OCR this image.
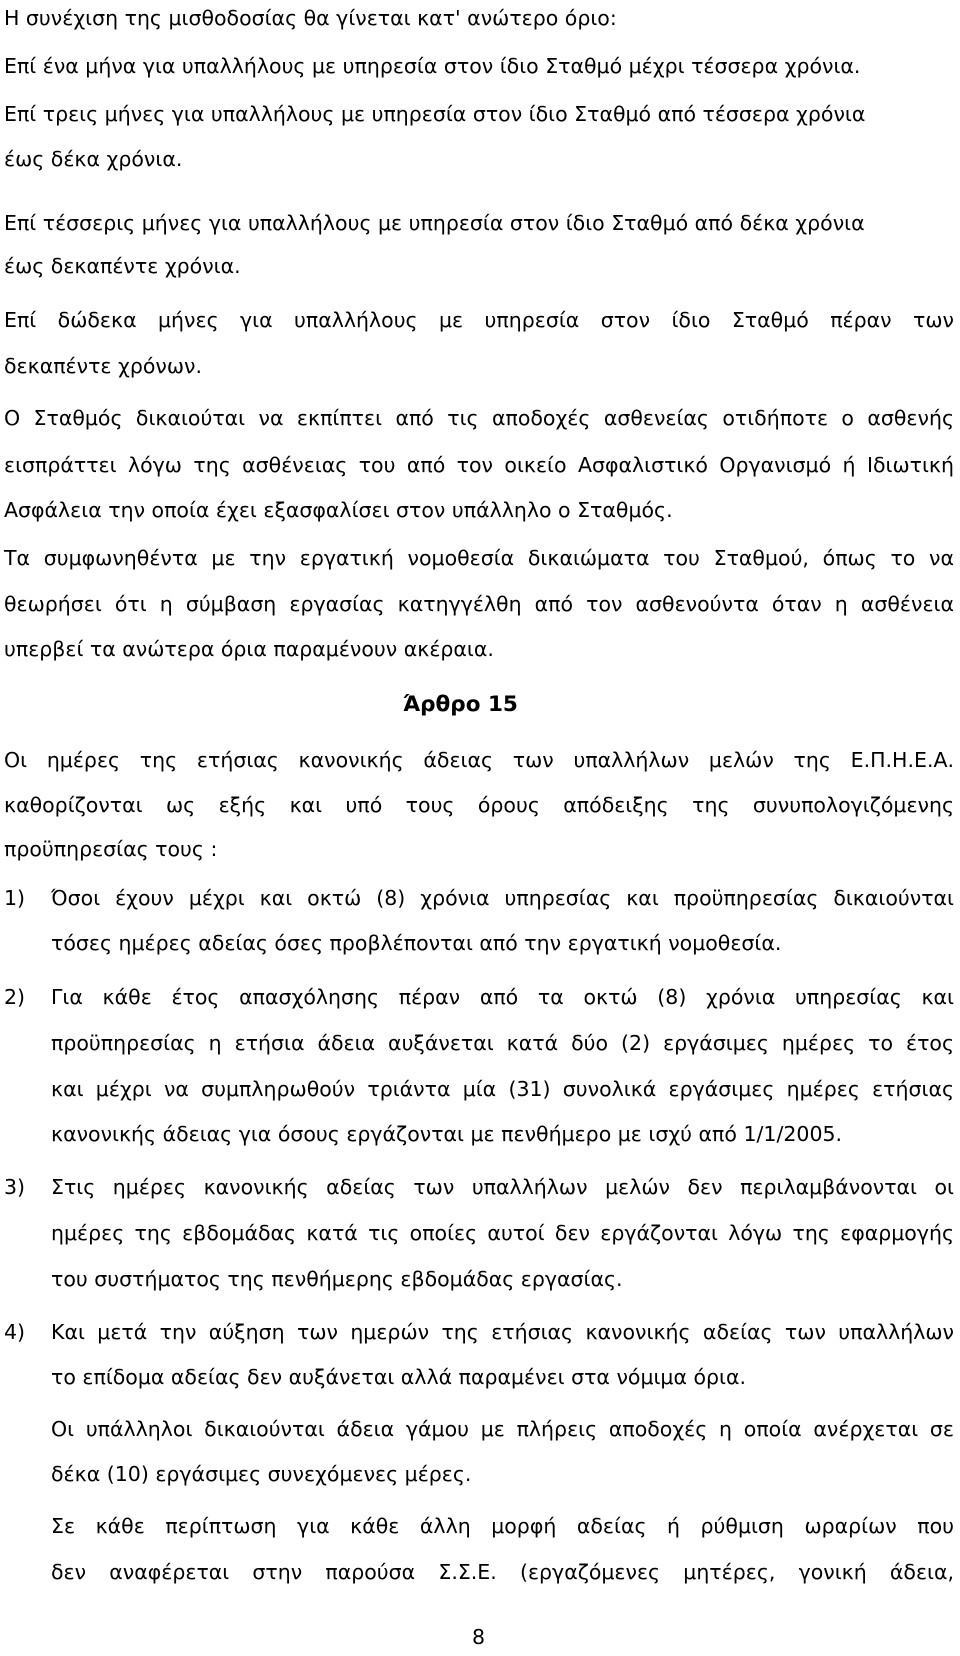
Η συνέχιση της μισθοδοσίας θα γίνεται κατ' ανώτερο όριο:
Επί ένα μήνα για υπαλλήλους με υπηρεσία στον ίδιο Σταθμό μέχρι τέσσερα χρόνια.
Επί τρεις μήνες για υπαλλήλους με υπηρεσία στον ίδιο Σταθμό από τέσσερα χρόνια
έως δέκα χρόνια.
Επί τέσσερις μήνες για υπαλλήλους με υπηρεσία στον ίδιο Σταθμό από δέκα χρόνια
έως δεκαπέντε χρόνια.
Επί δώδεκα μήνες για υπαλλήλους με υπηρεσία στον ίδιο Σταθμό πέραν των
δεκαπέντε χρόνων.
Ο Σταθμός δικαιούται να εκπίπτει από τις αποδοχές ασθενείας οτιδήποτε ο ασθενής
εισπράττει λόγω της ασθένειας του από τον οικείο Ασφαλιστικό Οργανισμό ή Ιδιωτική
Ασφάλεια την οποία έχει εξασφαλίσει στον υπάλληλο ο Σταθμός.
Τα συμφωνηθέντα με την εργατική νομοθεσία δικαιώματα του Σταθμού, όπως το να
θεωρήσει ότι η σύμβαση εργασίας κατηγγέλθη από τον ασθενούντα όταν η ασθένεια
υπερβεί τα ανώτερα όρια παραμένουν ακέραια.
Άρθρο 15
Οι ημέρες της ετήσιας κανονικής άδειας των υπαλλήλων μελών της Ε.Π.Η.Ε.Α.
καθορίζονται ως εξής και υπό τους όρους απόδειξης της συνυπολογιζόμενης
προϋπηρεσίας τους :
1) Όσοι έχουν μέχρι και οκτώ (8) χρόνια υπηρεσίας και προϋπηρεσίας δικαιούνται
τόσες ημέρες αδείας όσες προβλέπονται από την εργατική νομοθεσία.
2) Για κάθε έτος απασχόλησης πέραν από τα οκτώ (8) χρόνια υπηρεσίας και
προϋπηρεσίας η ετήσια άδεια αυξάνεται κατά δύο (2) εργάσιμες ημέρες το έτος
και μέχρι να συμπληρωθούν τριάντα μία (31) συνολικά εργάσιμες ημέρες ετήσιας
κανονικής άδειας για όσους εργάζονται με πενθήμερο με ισχύ από 1/1/2005.
3) Στις ημέρες κανονικής αδείας των υπαλλήλων μελών δεν περιλαμβάνονται οι
ημέρες της εβδομάδας κατά τις οποίες αυτοί δεν εργάζονται λόγω της εφαρμογής
του συστήματος της πενθήμερης εβδομάδας εργασίας.
4) Και μετά την αύξηση των ημερών της ετήσιας κανονικής αδείας των υπαλλήλων
το επίδομα αδείας δεν αυξάνεται αλλά παραμένει στα νόμιμα όρια.
Οι υπάλληλοι δικαιούνται άδεια γάμου με πλήρεις αποδοχές η οποία ανέρχεται σε
δέκα (10) εργάσιμες συνεχόμενες μέρες.
Σε κάθε περίπτωση για κάθε άλλη μορφή αδείας ή ρύθμιση ωραρίων που
δεν αναφέρεται στην παρούσα Σ.Σ.Ε. (εργαζόμενες μητέρες, γονική άδεια,
8
